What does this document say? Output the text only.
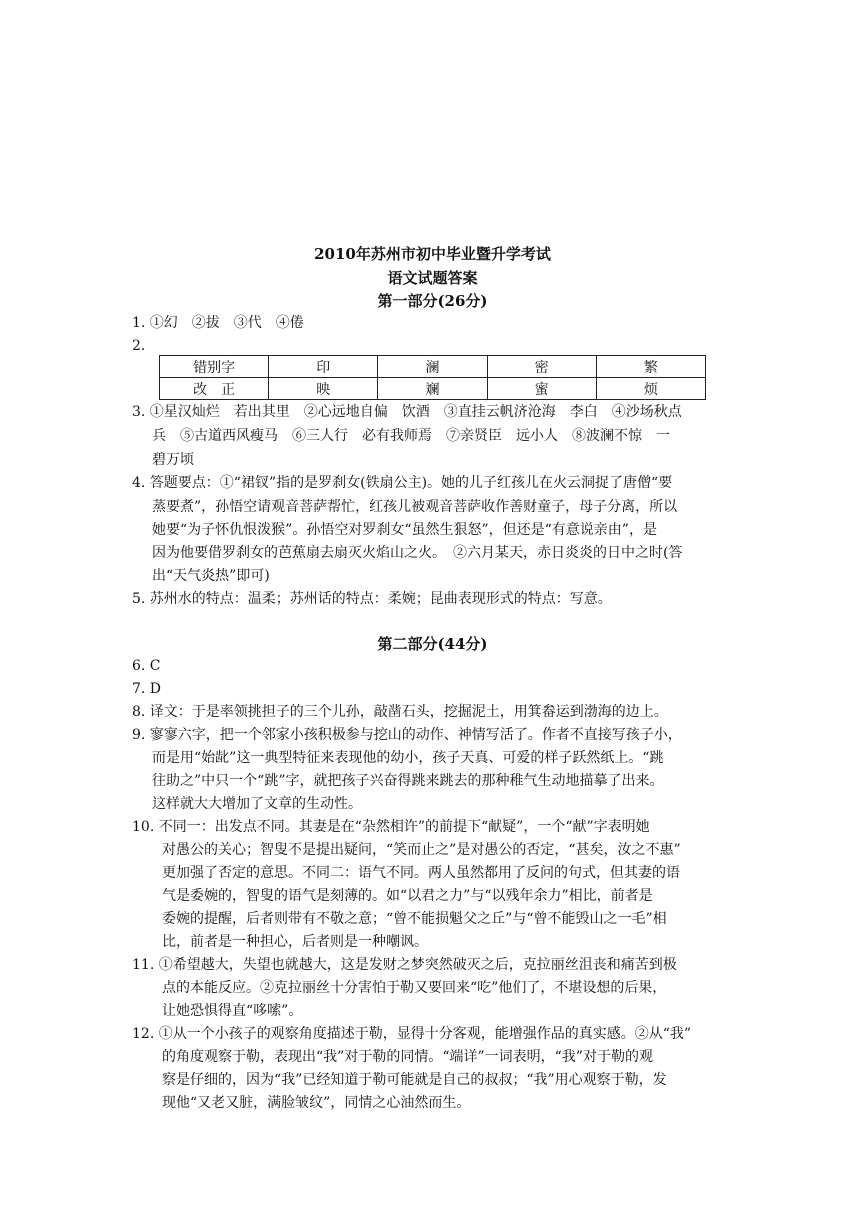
2010年苏州市初中毕业暨升学考试
语文试题答案
第一部分(26分)
1. ①幻　②拔　③代　④倦
2.
错别字	印	澜	密	繁
改　正	映	斓	蜜	烦
3. ①星汉灿烂　若出其里　②心远地自偏　饮酒　③直挂云帆济沧海　李白　④沙场秋点
兵　⑤古道西风瘦马　⑥三人行　必有我师焉　⑦亲贤臣　远小人　⑧波澜不惊　一
碧万顷
4. 答题要点：①“裙钗”指的是罗刹女(铁扇公主)。她的儿子红孩儿在火云洞捉了唐僧“要
蒸要煮”，孙悟空请观音菩萨帮忙，红孩儿被观音菩萨收作善财童子，母子分离，所以
她要“为子怀仇恨泼猴”。孙悟空对罗刹女“虽然生狠怒”，但还是“有意说亲由”，是
因为他要借罗刹女的芭蕉扇去扇灭火焰山之火。　②六月某天，赤日炎炎的日中之时(答
出“天气炎热”即可)
5. 苏州水的特点：温柔；苏州话的特点：柔婉；昆曲表现形式的特点：写意。
第二部分(44分)
6. C
7. D
8. 译文：于是率领挑担子的三个儿孙，敲凿石头，挖掘泥土，用箕畚运到渤海的边上。
9. 寥寥六字，把一个邻家小孩积极参与挖山的动作、神情写活了。作者不直接写孩子小，
而是用“始龀”这一典型特征来表现他的幼小，孩子天真、可爱的样子跃然纸上。“跳
往助之”中只一个“跳”字，就把孩子兴奋得跳来跳去的那种稚气生动地描摹了出来。
这样就大大增加了文章的生动性。
10. 不同一：出发点不同。其妻是在“杂然相许”的前提下“献疑”，一个“献”字表明她
对愚公的关心；智叟不是提出疑问，“笑而止之”是对愚公的否定，“甚矣，汝之不惠”
更加强了否定的意思。不同二：语气不同。两人虽然都用了反问的句式，但其妻的语
气是委婉的，智叟的语气是刻薄的。如“以君之力”与“以残年余力”相比，前者是
委婉的提醒，后者则带有不敬之意；“曾不能损魁父之丘”与“曾不能毁山之一毛”相
比，前者是一种担心，后者则是一种嘲讽。
11. ①希望越大，失望也就越大，这是发财之梦突然破灭之后，克拉丽丝沮丧和痛苦到极
点的本能反应。②克拉丽丝十分害怕于勒又要回来“吃”他们了，不堪设想的后果，
让她恐惧得直“哆嗦”。
12. ①从一个小孩子的观察角度描述于勒，显得十分客观，能增强作品的真实感。②从“我”
的角度观察于勒，表现出“我”对于勒的同情。“端详”一词表明，“我”对于勒的观
察是仔细的，因为“我”已经知道于勒可能就是自己的叔叔；“我”用心观察于勒，发
现他“又老又脏，满脸皱纹”，同情之心油然而生。
